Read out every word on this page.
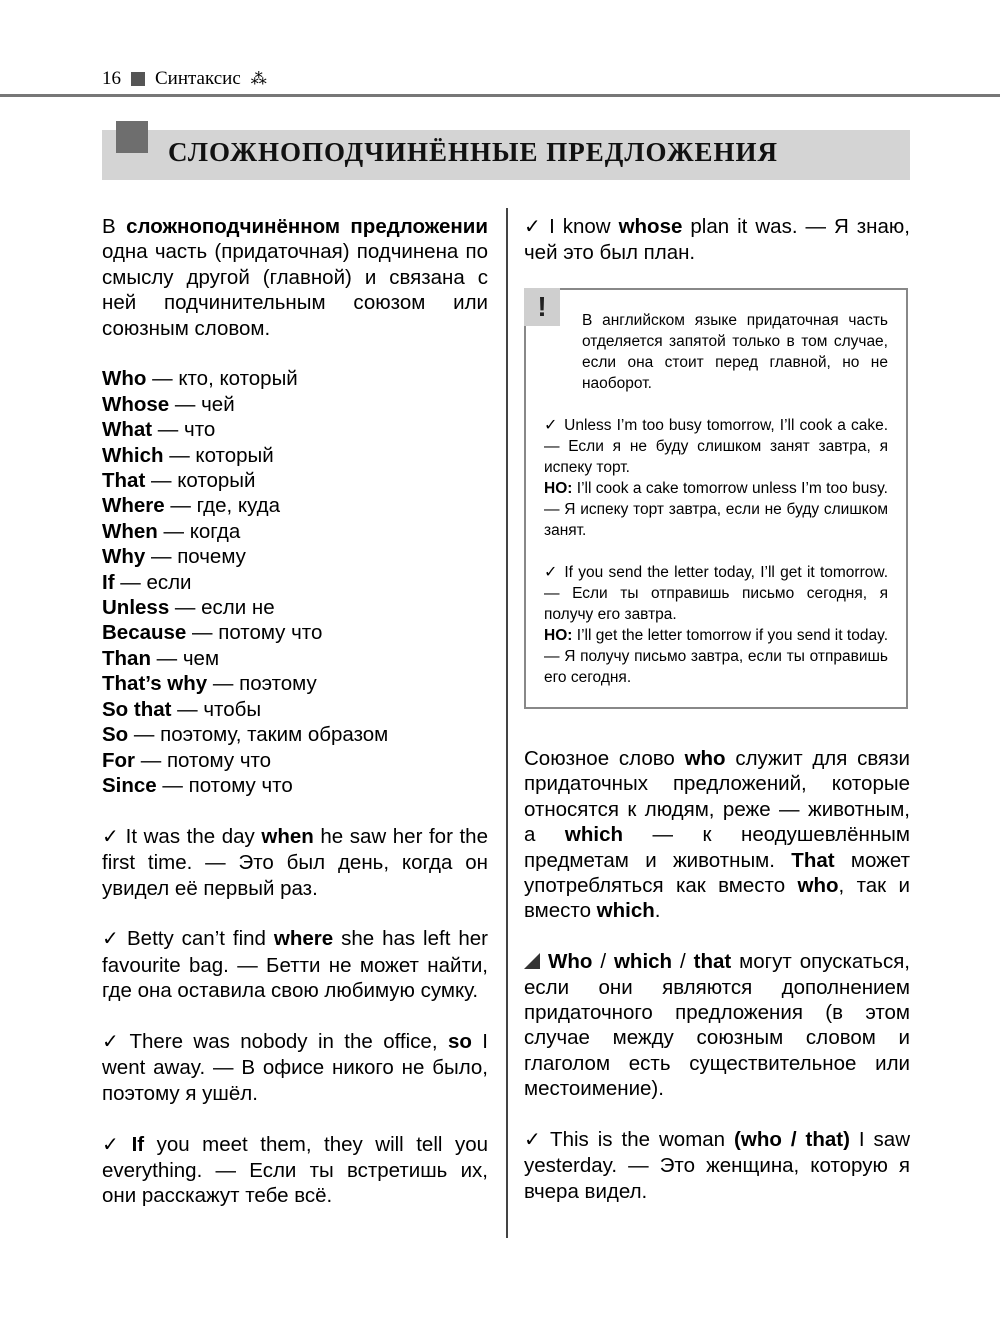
16 Синтаксис ⁂
СЛОЖНОПОДЧИНЁННЫЕ ПРЕДЛОЖЕНИЯ

В сложноподчинённом предложении одна часть (придаточная) подчинена по смыслу другой (главной) и связана с ней подчинительным союзом или союзным словом.

Who — кто, который
Whose — чей
What — что
Which — который
That — который
Where — где, куда
When — когда
Why — почему
If — если
Unless — если не
Because — потому что
Than — чем
That’s why — поэтому
So that — чтобы
So — поэтому, таким образом
For — потому что
Since — потому что

✓ It was the day when he saw her for the first time. — Это был день, когда он увидел её первый раз.

✓ Betty can’t find where she has left her favourite bag. — Бетти не может найти, где она оставила свою любимую сумку.

✓ There was nobody in the office, so I went away. — В офисе никого не было, поэтому я ушёл.

✓ If you meet them, they will tell you everything. — Если ты встретишь их, они расскажут тебе всё.

✓ I know whose plan it was. — Я знаю, чей это был план.

!	В английском языке придаточная часть отделяется запятой только в том случае, если она стоит перед главной, но не наоборот.

✓ Unless I’m too busy tomorrow, I’ll cook a cake. — Если я не буду слишком занят завтра, я испеку торт.
НО: I’ll cook a cake tomorrow unless I’m too busy. — Я испеку торт завтра, если не буду слишком занят.

✓ If you send the letter today, I’ll get it tomorrow. — Если ты отправишь письмо сегодня, я получу его завтра.
НО: I’ll get the letter tomorrow if you send it today. — Я получу письмо завтра, если ты отправишь его сегодня.

Союзное слово who служит для связи придаточных предложений, которые относятся к людям, реже — животным, а which — к неодушевлённым предметам и животным. That может употребляться как вместо who, так и вместо which.

Who / which / that могут опускаться, если они являются дополнением придаточного предложения (в этом случае между союзным словом и глаголом есть существительное или местоимение).

✓ This is the woman (who / that) I saw yesterday. — Это женщина, которую я вчера видел.
